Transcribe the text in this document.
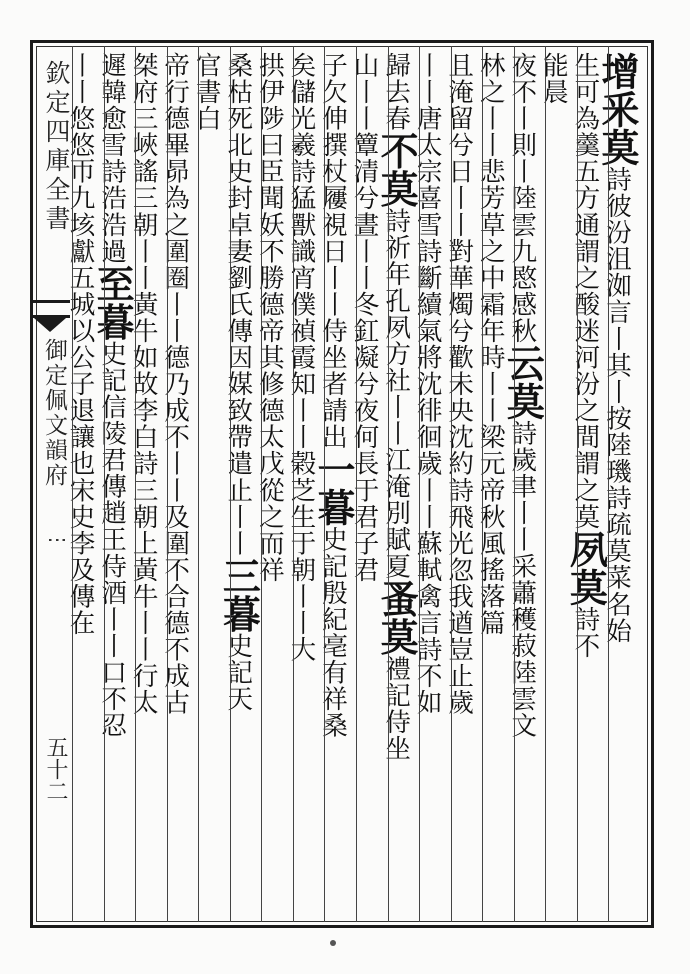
欽定四庫全書
御定佩文韻府
⋮
五十二
增釆莫詩彼汾沮洳言丨其丨按陸璣詩疏莫菜名始
生可為羹五方通謂之酸迷河汾之間謂之莫夙莫詩不
能晨
夜不丨則丨陸雲九愍感秋云莫詩歲聿丨丨采蕭穫菽陸雲文
林之丨丨悲芳草之中霜年時丨丨梁元帝秋風搖落篇
且淹留兮日丨丨對華燭兮歡未央沈約詩飛光忽我遒豈止歲
丨丨唐太宗喜雪詩斷續氣將沈徘徊歲丨丨蘇軾禽言詩不如
歸去春不莫詩祈年孔夙方社丨丨江淹別賦夏蚤莫禮記侍坐
山丨丨簟清兮晝丨丨冬釭凝兮夜何長于君子君
子欠伸撰杖屨視日丨丨侍坐者請出一暮史記殷紀亳有祥桑
矣儲光羲詩猛獸識宵僕禎霞知丨丨榖芝生于朝丨丨大
拱伊陟曰臣聞妖不勝德帝其修德太戊從之而祥
桑枯死北史封卓妻劉氏傳因媒致帶遣止丨丨三暮史記天
官書白
帝行德畢昴為之圍圈丨丨德乃成不丨丨及圍不合德不成古
桀府三峽謠三朝丨丨黃牛如故李白詩三朝上黃牛丨丨行太
遲韓愈雪詩浩浩過至暮史記信陵君傳趙王侍酒丨丨口不忍
丨丨悠悠帀九垓獻五城以公子退讓也宋史李及傳在
